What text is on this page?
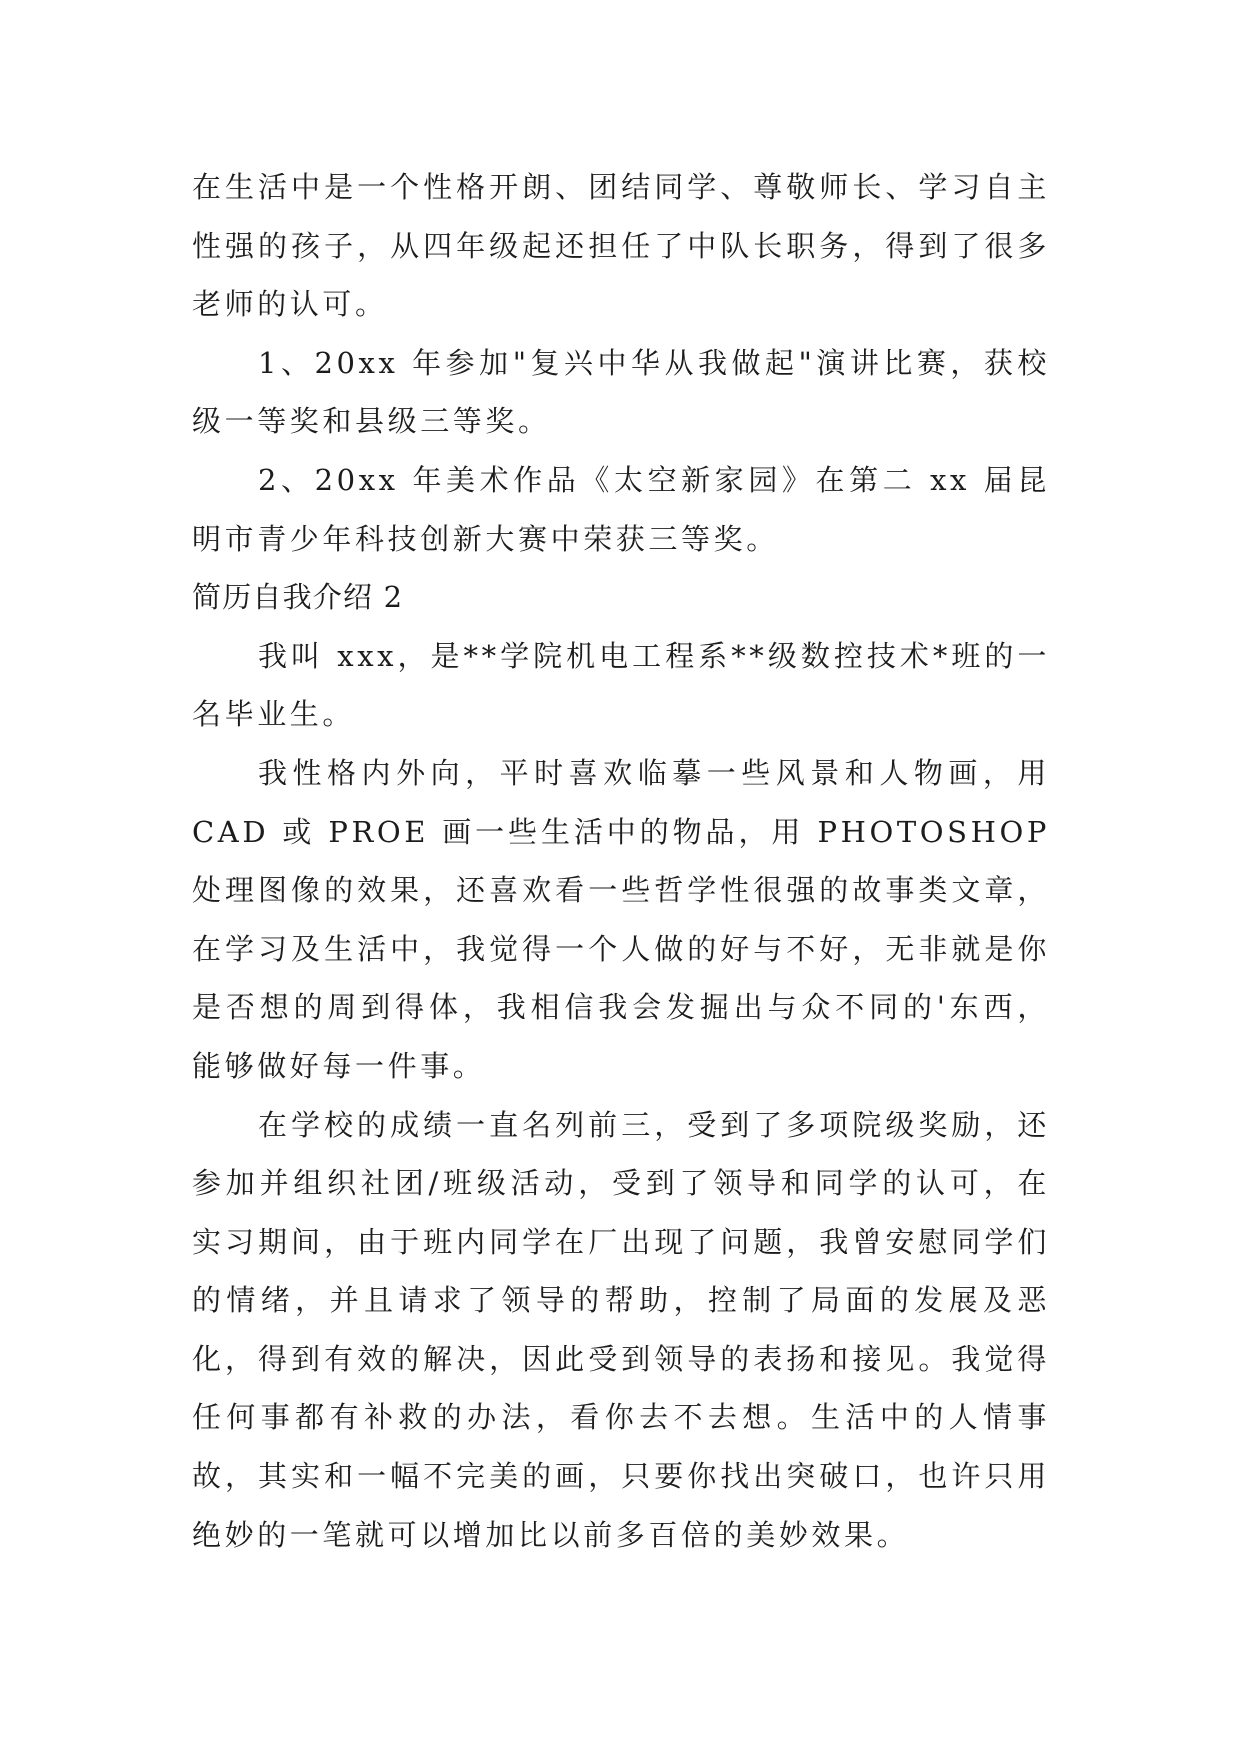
在生活中是一个性格开朗、团结同学、尊敬师长、学习自主性强的孩子，从四年级起还担任了中队长职务，得到了很多老师的认可。

1、20xx 年参加"复兴中华从我做起"演讲比赛，获校级一等奖和县级三等奖。

2、20xx 年美术作品《太空新家园》在第二 xx 届昆明市青少年科技创新大赛中荣获三等奖。

简历自我介绍 2

我叫 xxx，是**学院机电工程系**级数控技术*班的一名毕业生。

我性格内外向，平时喜欢临摹一些风景和人物画，用 CAD 或 PROE 画一些生活中的物品，用 PHOTOSHOP 处理图像的效果，还喜欢看一些哲学性很强的故事类文章，在学习及生活中，我觉得一个人做的好与不好，无非就是你是否想的周到得体，我相信我会发掘出与众不同的'东西，能够做好每一件事。

在学校的成绩一直名列前三，受到了多项院级奖励，还参加并组织社团/班级活动，受到了领导和同学的认可，在实习期间，由于班内同学在厂出现了问题，我曾安慰同学们的情绪，并且请求了领导的帮助，控制了局面的发展及恶化，得到有效的解决，因此受到领导的表扬和接见。我觉得任何事都有补救的办法，看你去不去想。生活中的人情事故，其实和一幅不完美的画，只要你找出突破口，也许只用绝妙的一笔就可以增加比以前多百倍的美妙效果。
